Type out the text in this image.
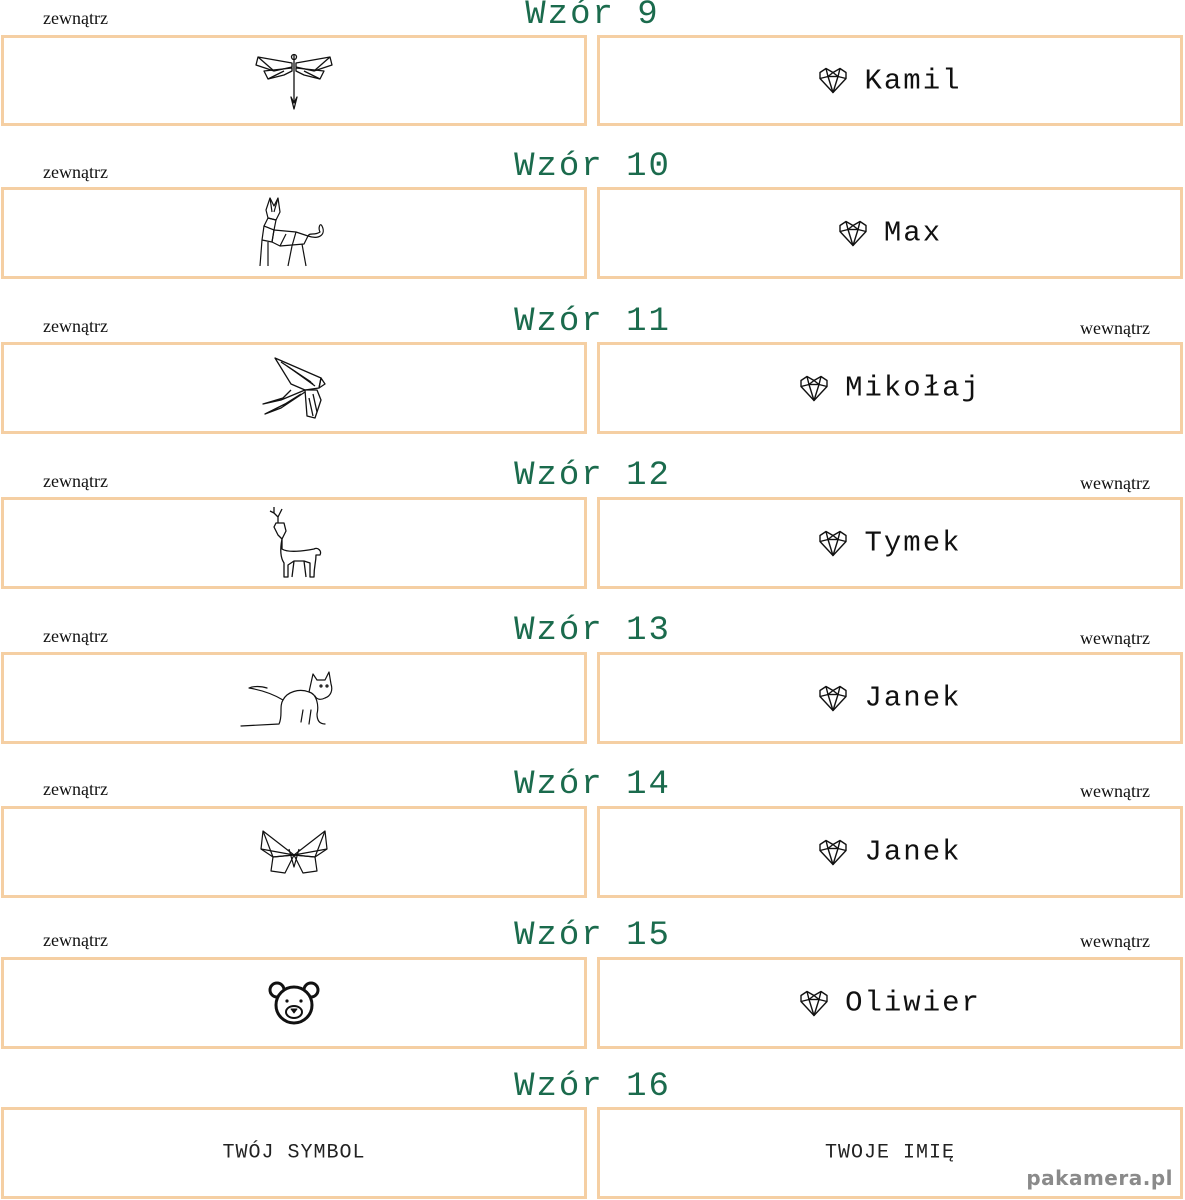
zewnątrz	Wzór 9
Kamil
zewnątrz	Wzór 10
Max
zewnątrz	Wzór 11	wewnątrz
Mikołaj
zewnątrz	Wzór 12	wewnątrz
Tymek
zewnątrz	Wzór 13	wewnątrz
Janek
zewnątrz	Wzór 14	wewnątrz
Janek
zewnątrz	Wzór 15	wewnątrz
Oliwier
Wzór 16
TWÓJ SYMBOL	TWOJE IMIĘ
pakamera.pl
